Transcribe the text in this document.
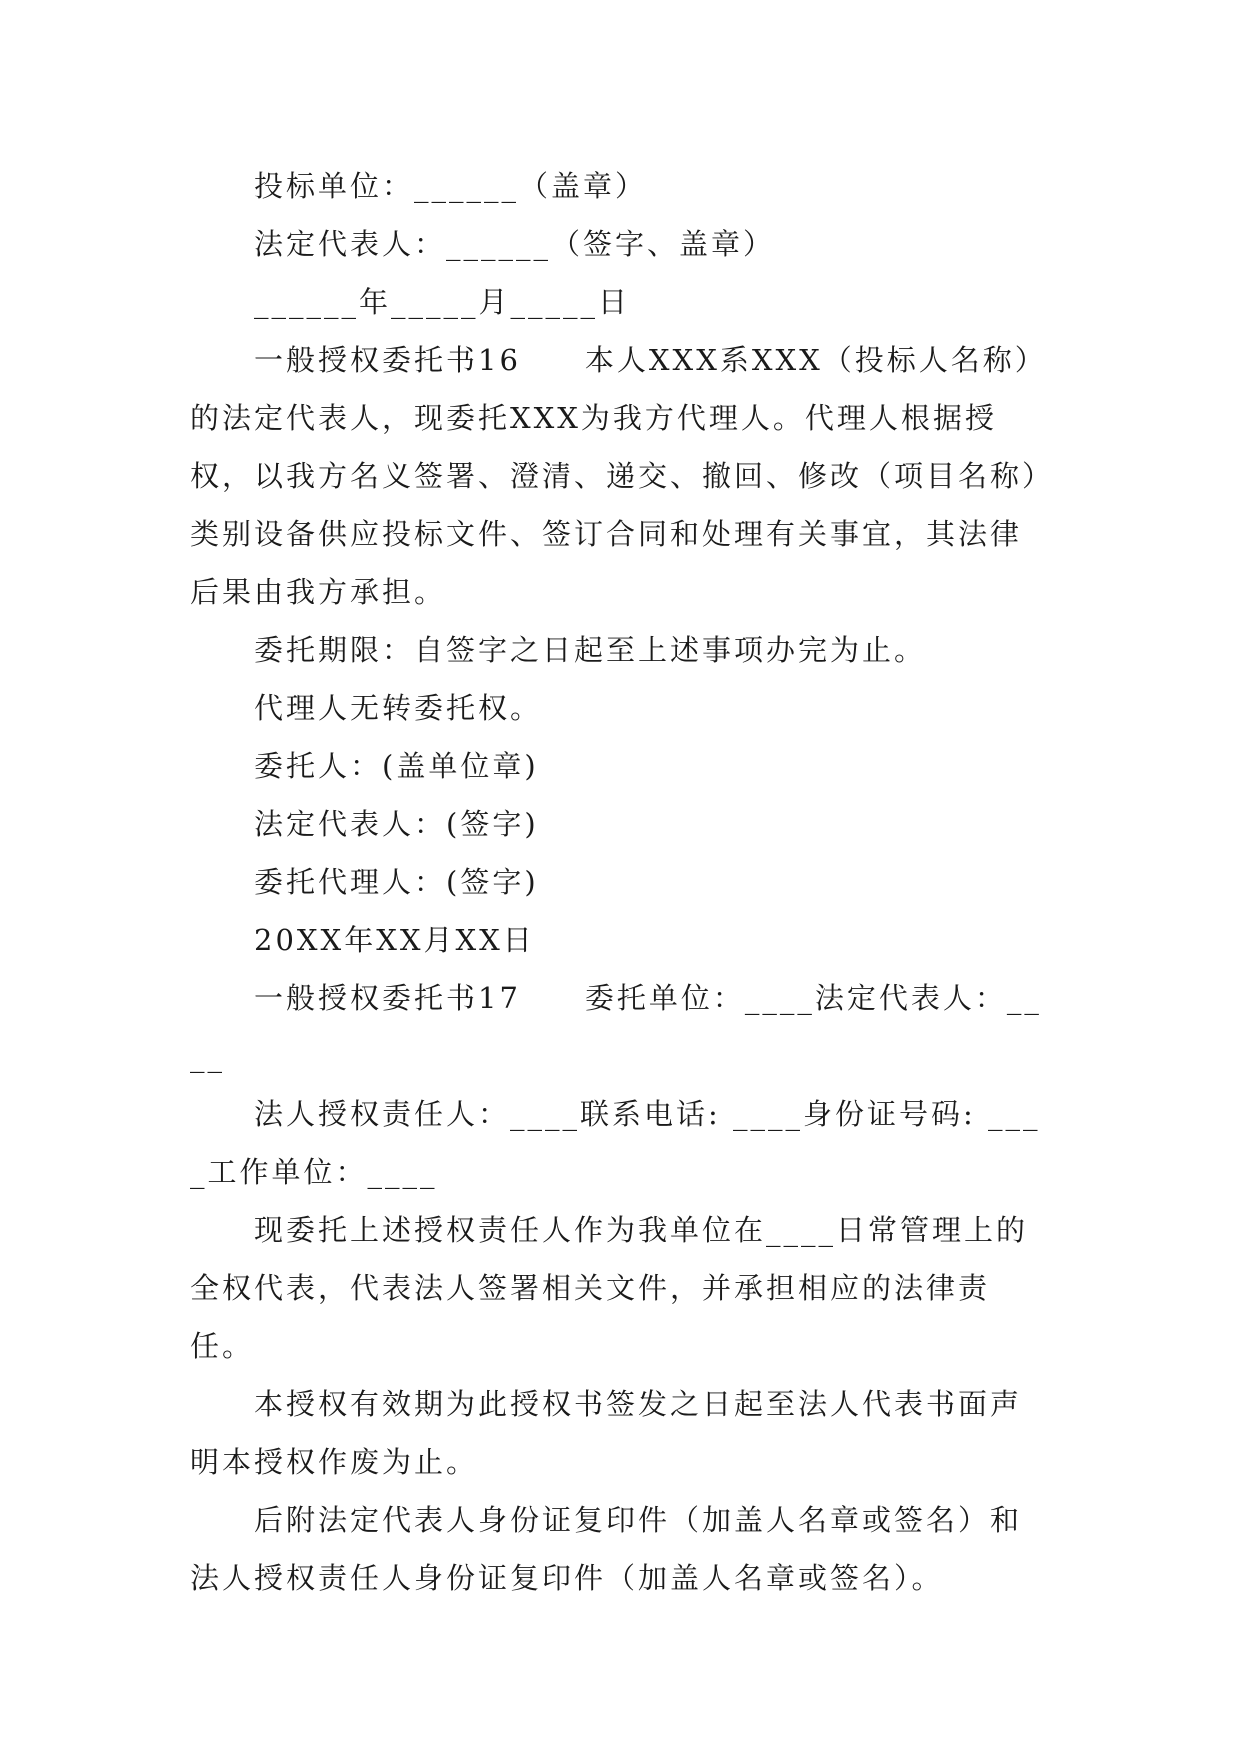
投标单位：______（盖章）

法定代表人：______（签字、盖章）

______年_____月_____日

一般授权委托书16 本人XXX系XXX（投标人名称）的法定代表人，现委托XXX为我方代理人。代理人根据授权，以我方名义签署、澄清、递交、撤回、修改（项目名称）类别设备供应投标文件、签订合同和处理有关事宜，其法律后果由我方承担。

委托期限：自签字之日起至上述事项办完为止。

代理人无转委托权。

委托人：(盖单位章)

法定代表人：(签字)

委托代理人：(签字)

20XX年XX月XX日

一般授权委托书17 委托单位：____法定代表人：____

法人授权责任人：____联系电话: ____身份证号码: ____工作单位：____

现委托上述授权责任人作为我单位在____日常管理上的全权代表，代表法人签署相关文件，并承担相应的法律责任。

本授权有效期为此授权书签发之日起至法人代表书面声明本授权作废为止。

后附法定代表人身份证复印件（加盖人名章或签名）和法人授权责任人身份证复印件（加盖人名章或签名）。
